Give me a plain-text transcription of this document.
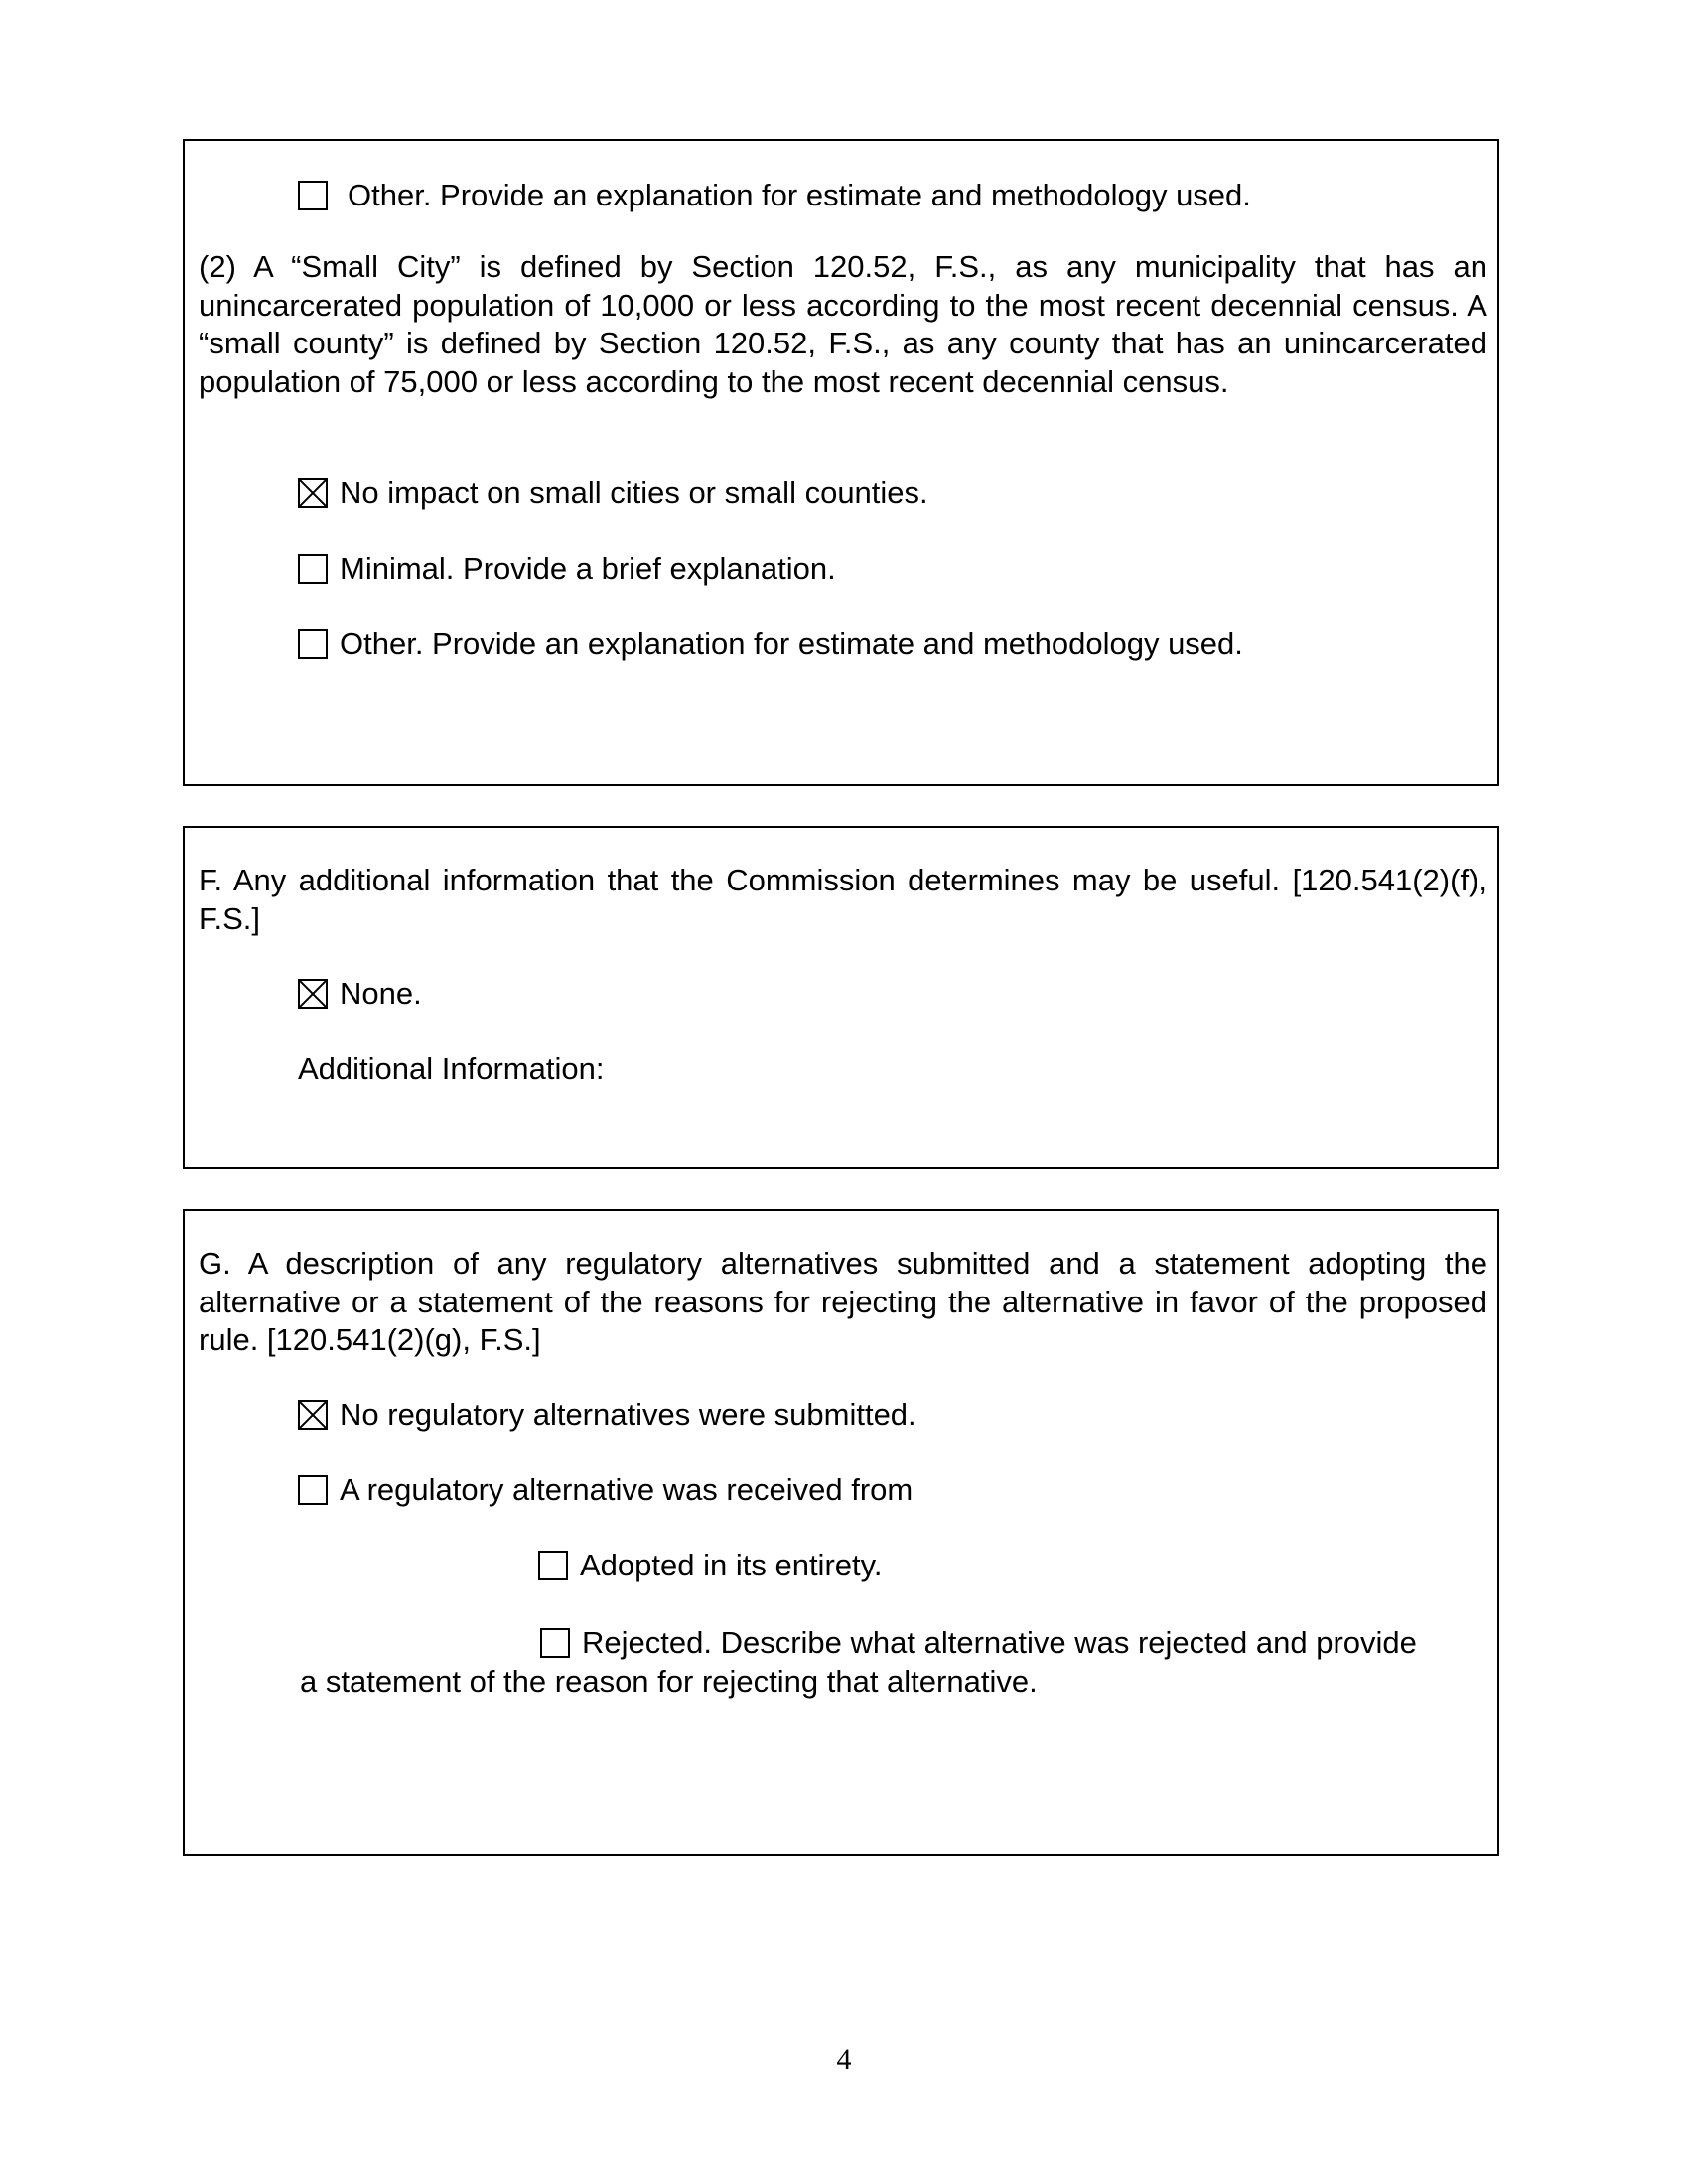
Other. Provide an explanation for estimate and methodology used.

(2) A “Small City” is defined by Section 120.52, F.S., as any municipality that has an unincarcerated population of 10,000 or less according to the most recent decennial census. A “small county” is defined by Section 120.52, F.S., as any county that has an unincarcerated population of 75,000 or less according to the most recent decennial census.

No impact on small cities or small counties.
Minimal. Provide a brief explanation.
Other. Provide an explanation for estimate and methodology used.

F. Any additional information that the Commission determines may be useful. [120.541(2)(f), F.S.]

None.
Additional Information:

G. A description of any regulatory alternatives submitted and a statement adopting the alternative or a statement of the reasons for rejecting the alternative in favor of the proposed rule. [120.541(2)(g), F.S.]

No regulatory alternatives were submitted.
A regulatory alternative was received from
Adopted in its entirety.
Rejected. Describe what alternative was rejected and provide
a statement of the reason for rejecting that alternative.
4
